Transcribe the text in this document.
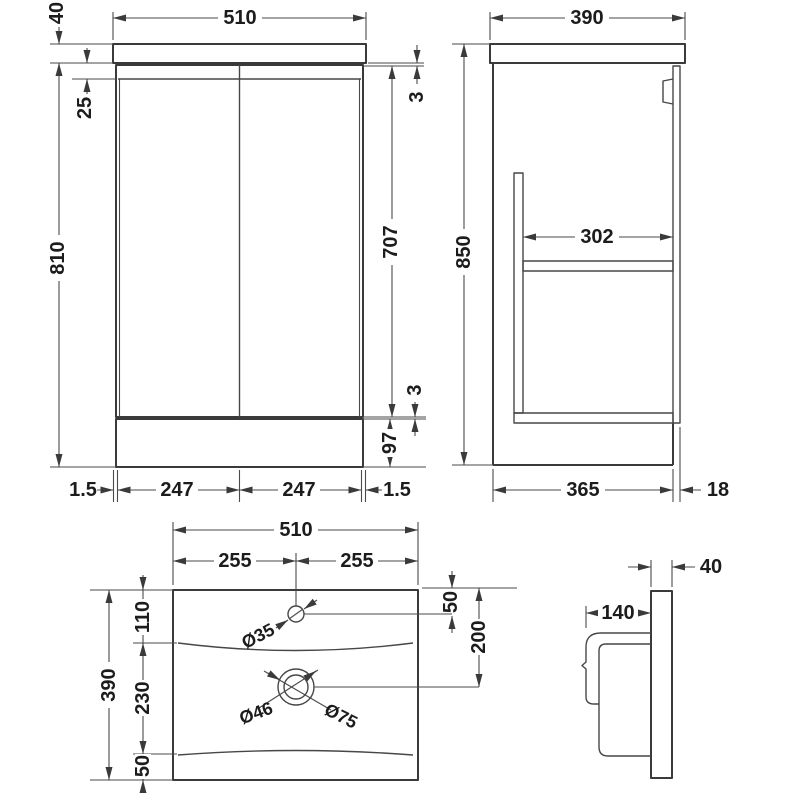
510
40
25
810
3
707
3
97
1.5	247	247	1.5
390
850	302
365	18
510
255	255
390
110
230
50
50
200
Ø35
Ø46	Ø75
140
40
